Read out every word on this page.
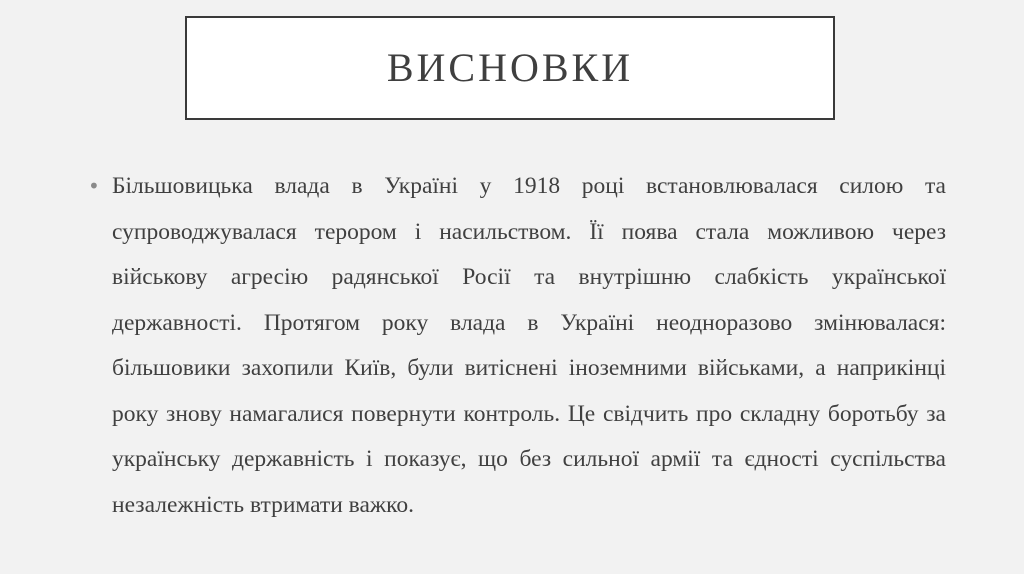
ВИСНОВКИ
• Більшовицька влада в Україні у 1918 році встановлювалася силою та супроводжувалася терором і насильством. Її поява стала можливою через військову агресію радянської Росії та внутрішню слабкість української державності. Протягом року влада в Україні неодноразово змінювалася: більшовики захопили Київ, були витіснені іноземними військами, а наприкінці року знову намагалися повернути контроль. Це свідчить про складну боротьбу за українську державність і показує, що без сильної армії та єдності суспільства незалежність втримати важко.
